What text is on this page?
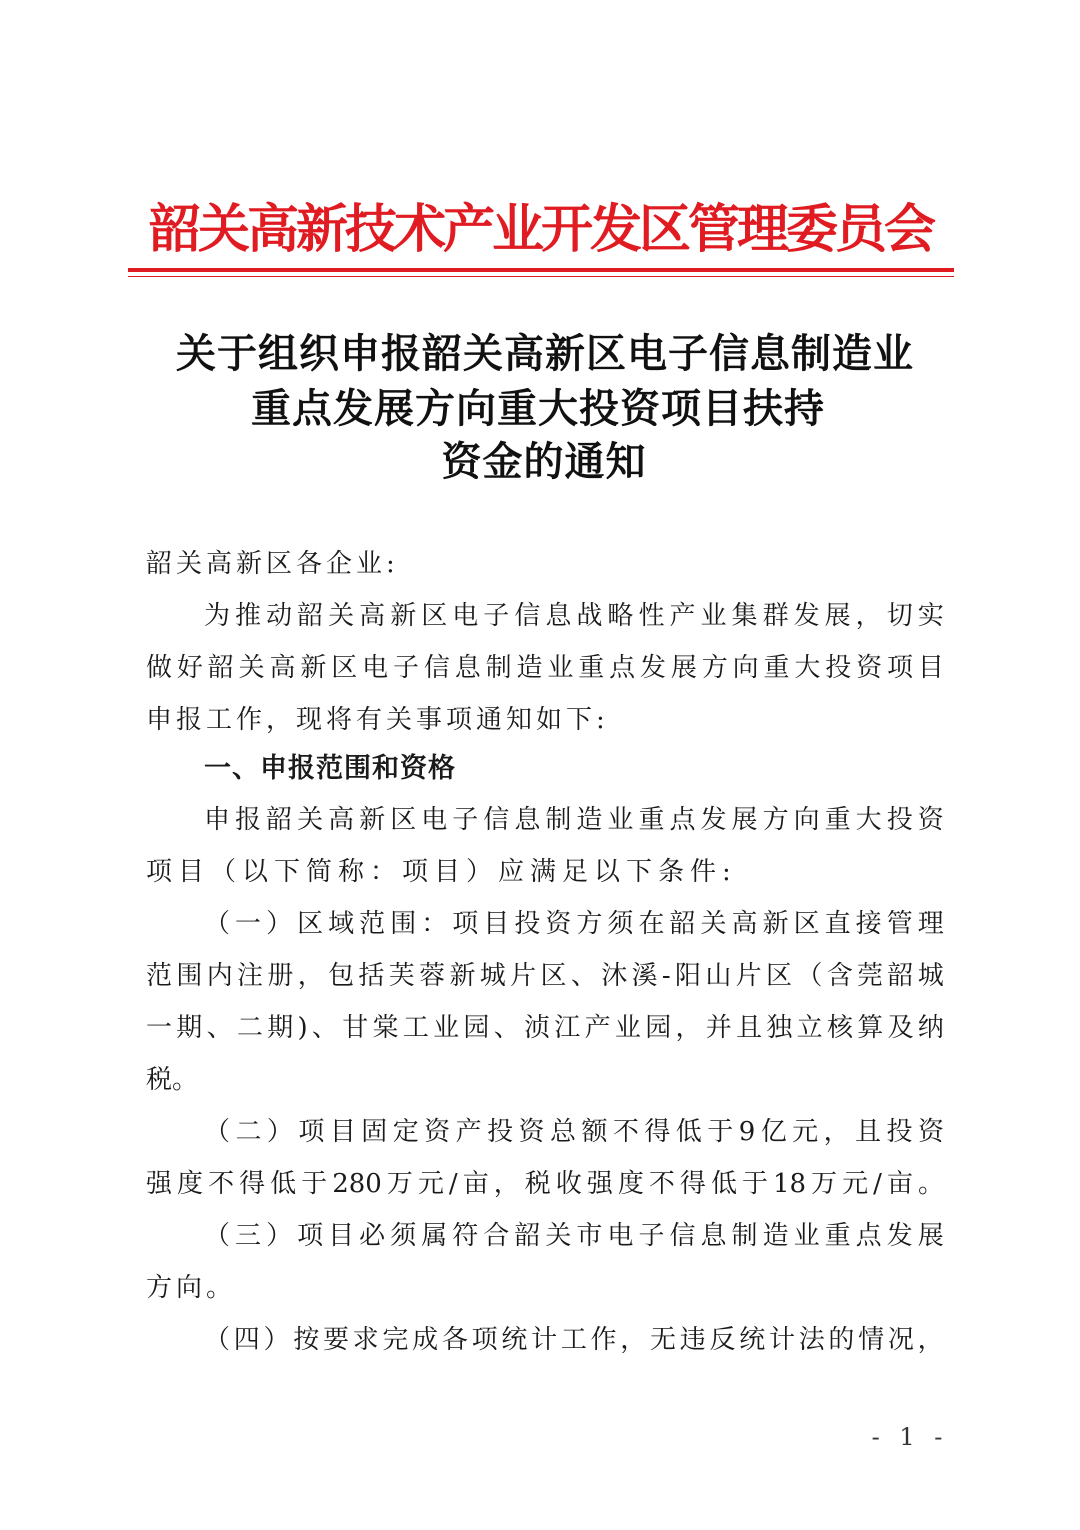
韶关高新技术产业开发区管理委员会
关于组织申报韶关高新区电子信息制造业
重点发展方向重大投资项目扶持
资金的通知
韶关高新区各企业:
为 推 动 韶 关 高 新 区 电 子 信 息 战 略 性 产 业 集 群 发 展 ， 切 实
做 好 韶 关 高 新 区 电 子 信 息 制 造 业 重 点 发 展 方 向 重 大 投 资 项 目
申报工作，现将有关事项通知如下:
一、申报范围和资格
申 报 韶 关 高 新 区 电 子 信 息 制 造 业 重 点 发 展 方 向 重 大 投 资
项目（以下简称：项目）应满足以下条件:
（ 一 ） 区 域 范 围 ： 项 目 投 资 方 须 在 韶 关 高 新 区 直 接 管 理
范 围 内 注 册 ， 包 括 芙 蓉 新 城 片 区 、 沐 溪 - 阳 山 片 区 （ 含 莞 韶 城
一 期 、 二 期 ) 、 甘 棠 工 业 园 、 浈 江 产 业 园 ， 并 且 独 立 核 算 及 纳
税。
（ 二 ） 项 目 固 定 资 产 投 资 总 额 不 得 低 于 9 亿 元 ， 且 投 资
强 度 不 得 低 于 280 万 元 / 亩 ， 税 收 强 度 不 得 低 于 18 万 元 / 亩 。
（ 三 ） 项 目 必 须 属 符 合 韶 关 市 电 子 信 息 制 造 业 重 点 发 展
方向。
（ 四 ） 按 要 求 完 成 各 项 统 计 工 作 ， 无 违 反 统 计 法 的 情 况 ，
- 1 -
